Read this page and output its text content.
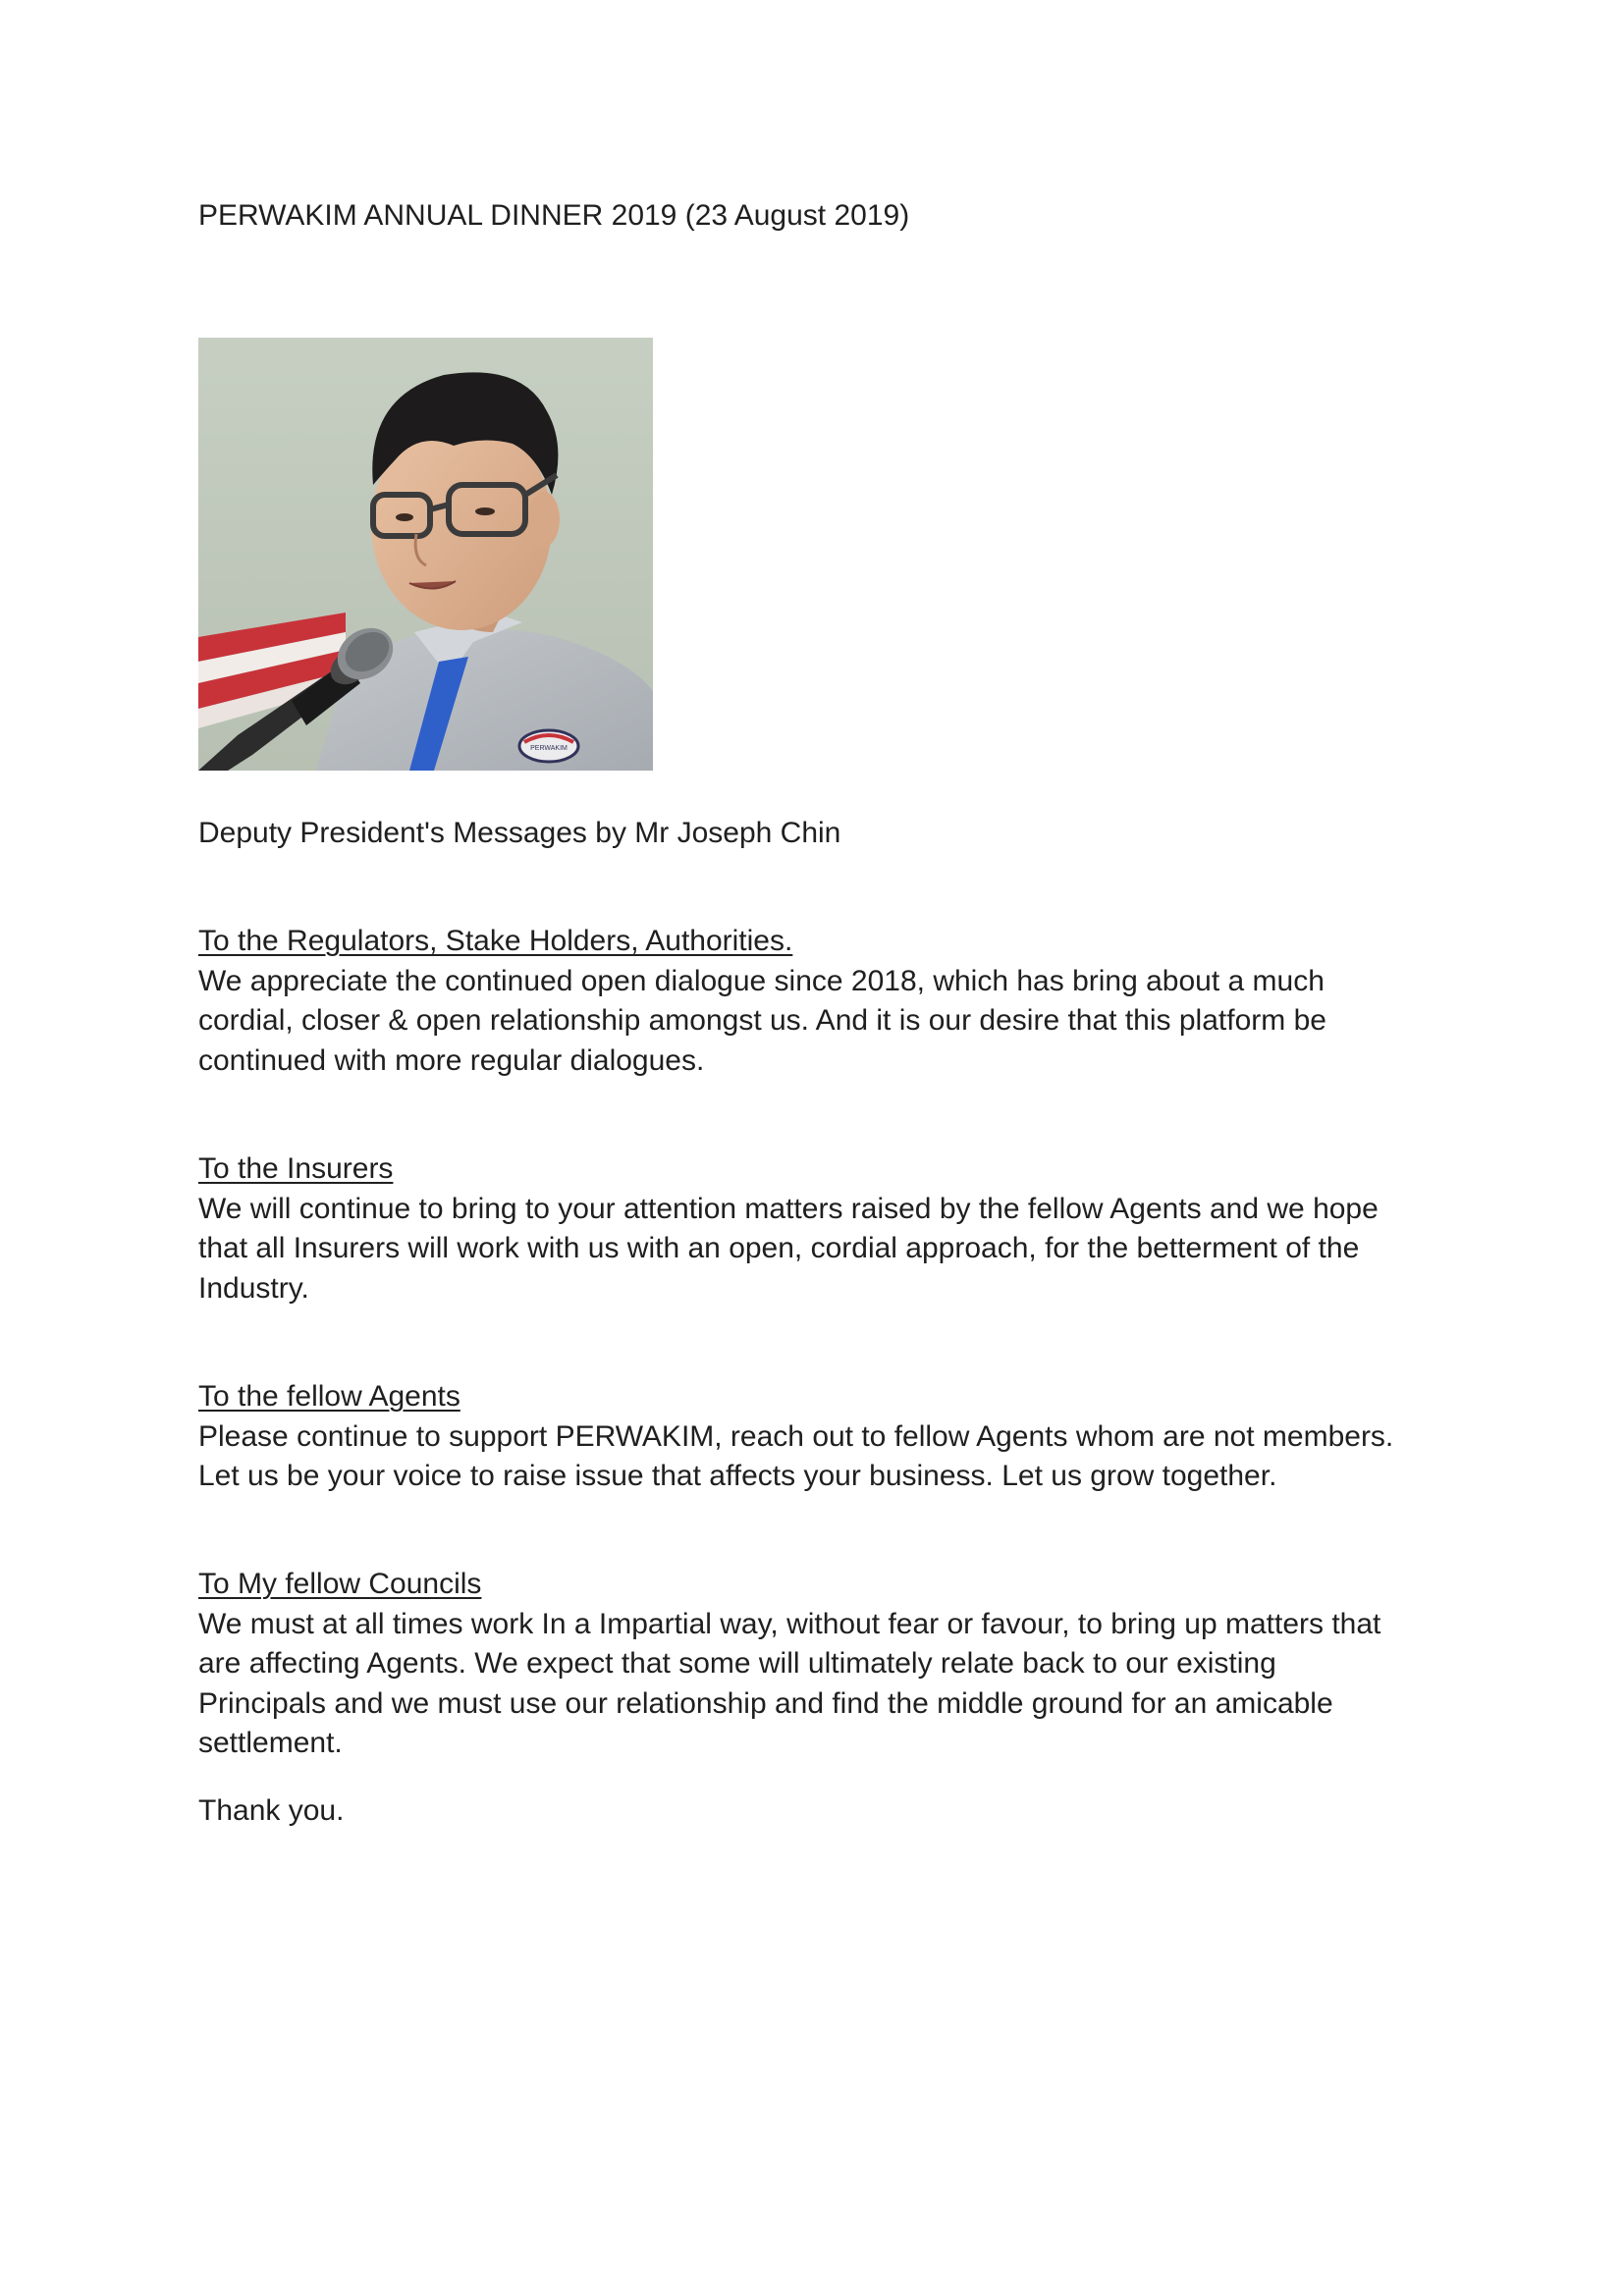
PERWAKIM ANNUAL DINNER 2019 (23 August 2019)
PERWAKIM
Deputy President's Messages by Mr Joseph Chin
To the Regulators, Stake Holders, Authorities.
We appreciate the continued open dialogue since 2018, which has bring about a much
cordial, closer & open relationship amongst us. And it is our desire that this platform be
continued with more regular dialogues.
To the Insurers
We will continue to bring to your attention matters raised by the fellow Agents and we hope
that all Insurers will work with us with an open, cordial approach, for the betterment of the
Industry.
To the fellow Agents
Please continue to support PERWAKIM, reach out to fellow Agents whom are not members.
Let us be your voice to raise issue that affects your business. Let us grow together.
To My fellow Councils
We must at all times work In a Impartial way, without fear or favour, to bring up matters that
are affecting Agents. We expect that some will ultimately relate back to our existing
Principals and we must use our relationship and find the middle ground for an amicable
settlement.
Thank you.
